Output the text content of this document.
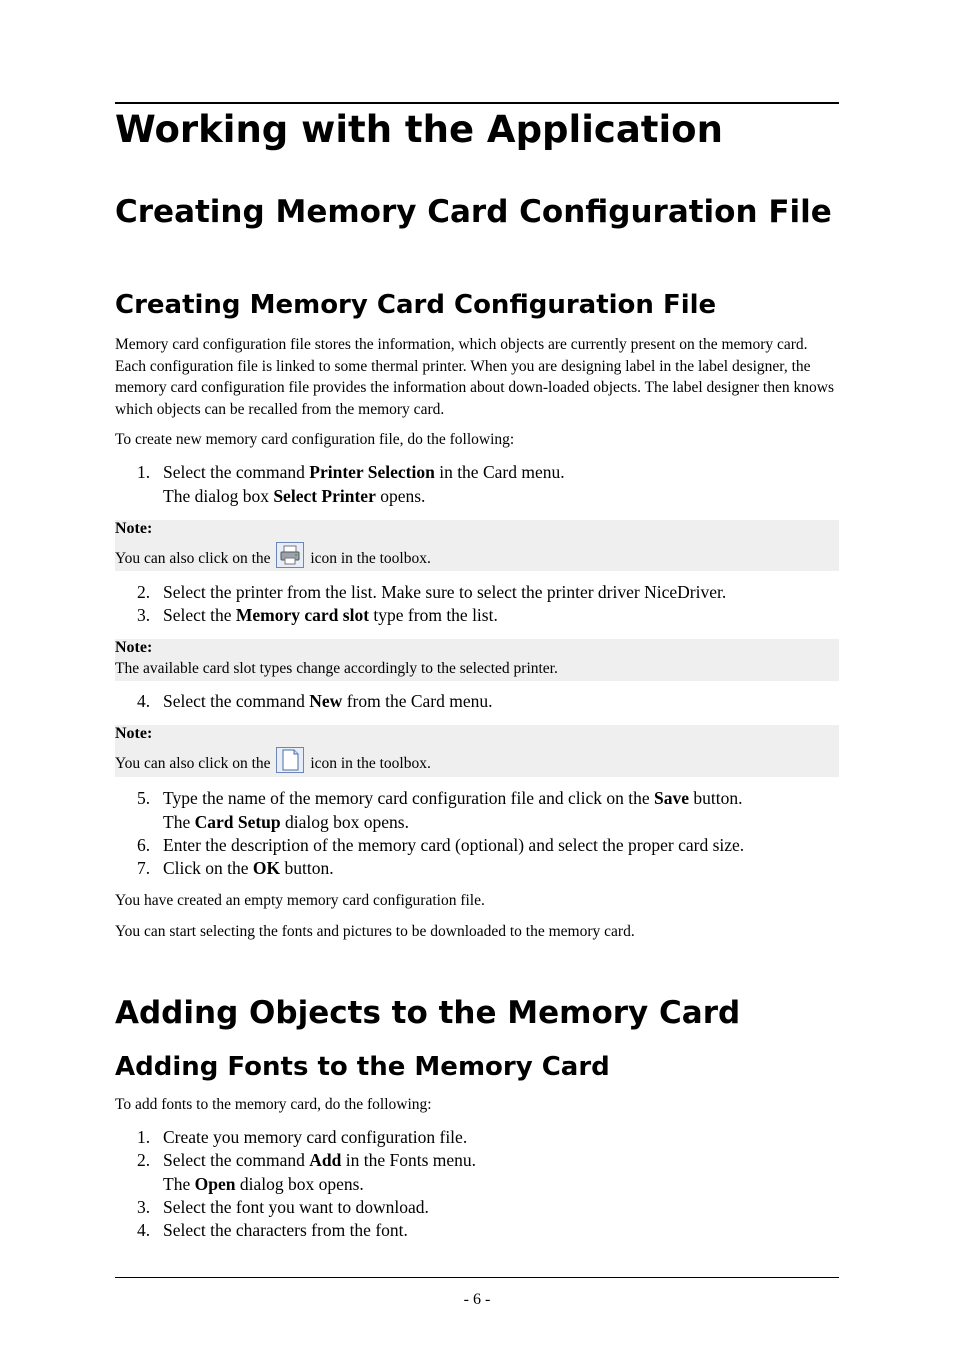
Working with the Application
Creating Memory Card Configuration File
Creating Memory Card Configuration File

Memory card configuration file stores the information, which objects are currently present on the memory card. Each configuration file is linked to some thermal printer. When you are designing label in the label designer, the memory card configuration file provides the information about down-loaded objects. The label designer then knows which objects can be recalled from the memory card.

To create new memory card configuration file, do the following:

1. Select the command Printer Selection in the Card menu.
The dialog box Select Printer opens.
Note:
You can also click on the  icon in the toolbox.
2. Select the printer from the list. Make sure to select the printer driver NiceDriver.
3. Select the Memory card slot type from the list.
Note:
The available card slot types change accordingly to the selected printer.
4. Select the command New from the Card menu.
Note:
You can also click on the  icon in the toolbox.
5. Type the name of the memory card configuration file and click on the Save button.
The Card Setup dialog box opens.
6. Enter the description of the memory card (optional) and select the proper card size.
7. Click on the OK button.

You have created an empty memory card configuration file.

You can start selecting the fonts and pictures to be downloaded to the memory card.

Adding Objects to the Memory Card
Adding Fonts to the Memory Card

To add fonts to the memory card, do the following:

1. Create you memory card configuration file.
2. Select the command Add in the Fonts menu.
The Open dialog box opens.
3. Select the font you want to download.
4. Select the characters from the font.
- 6 -
